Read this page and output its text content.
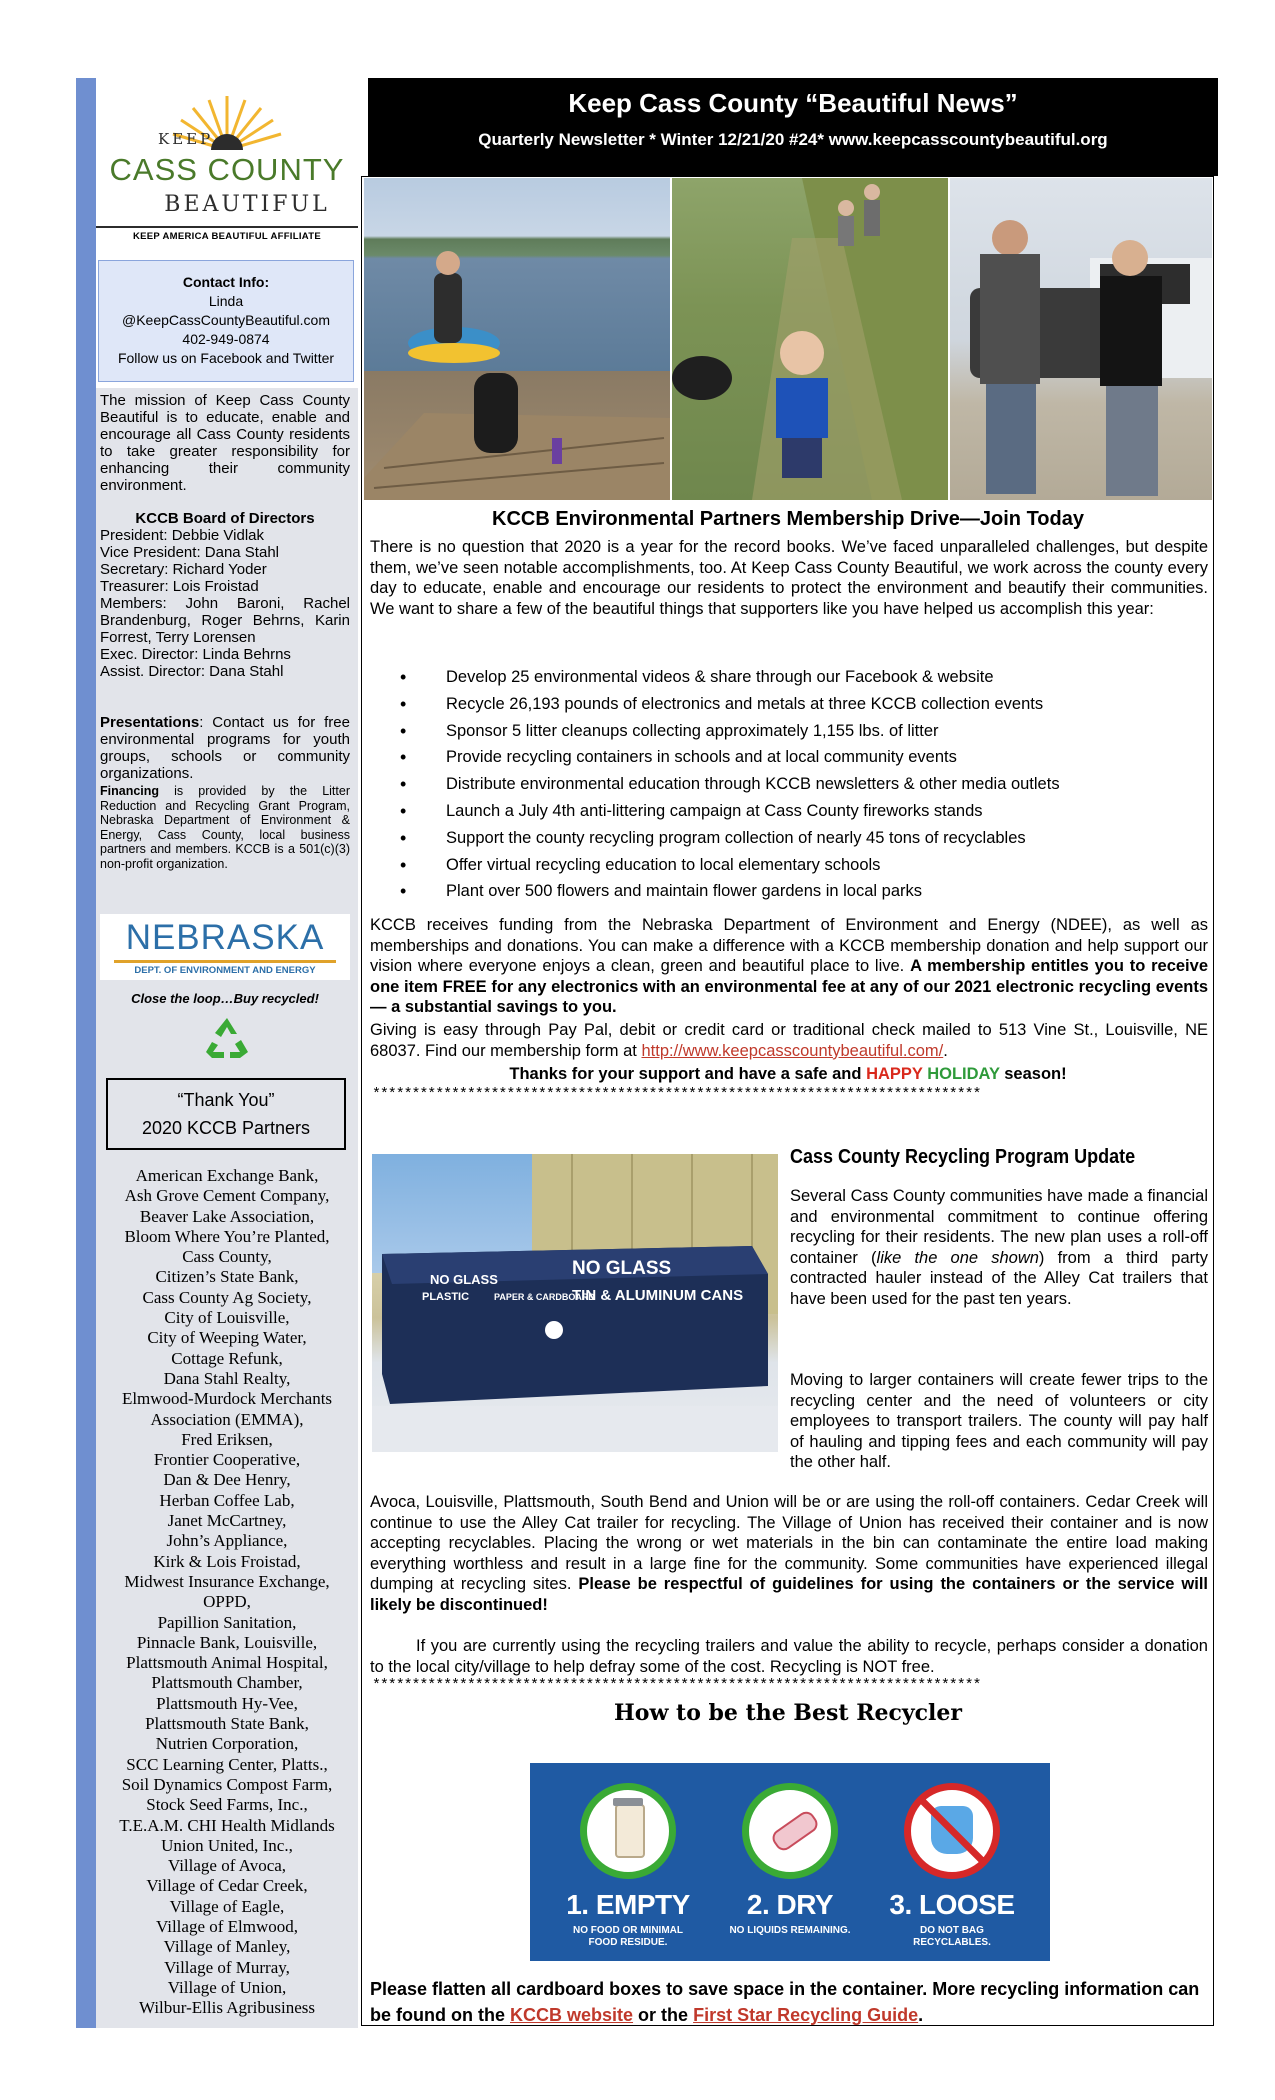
KEEP
CASS COUNTY
BEAUTIFUL
KEEP AMERICA BEAUTIFUL AFFILIATE
Contact Info:
Linda
@KeepCassCountyBeautiful.com
402-949-0874
Follow us on Facebook and Twitter
The mission of Keep Cass County Beautiful is to educate, enable and encourage all Cass County residents to take greater responsibility for enhancing their community environment.
KCCB Board of Directors
President: Debbie Vidlak
Vice President: Dana Stahl
Secretary: Richard Yoder
Treasurer: Lois Froistad
Members: John Baroni, Rachel Brandenburg, Roger Behrns, Karin Forrest, Terry Lorensen
Exec. Director: Linda Behrns
Assist. Director: Dana Stahl
Presentations: Contact us for free environmental programs for youth groups, schools or community organizations.
Financing is provided by the Litter Reduction and Recycling Grant Program, Nebraska Department of Environment & Energy, Cass County, local business partners and members. KCCB is a 501(c)(3) non-profit organization.
NEBRASKA
DEPT. OF ENVIRONMENT AND ENERGY
Close the loop…Buy recycled!
“Thank You”
2020 KCCB Partners
American Exchange Bank,
Ash Grove Cement Company,
Beaver Lake Association,
Bloom Where You’re Planted,
Cass County,
Citizen’s State Bank,
Cass County Ag Society,
City of Louisville,
City of Weeping Water,
Cottage Refunk,
Dana Stahl Realty,
Elmwood-Murdock Merchants
Association (EMMA),
Fred Eriksen,
Frontier Cooperative,
Dan & Dee Henry,
Herban Coffee Lab,
Janet McCartney,
John’s Appliance,
Kirk & Lois Froistad,
Midwest Insurance Exchange,
OPPD,
Papillion Sanitation,
Pinnacle Bank, Louisville,
Plattsmouth Animal Hospital,
Plattsmouth Chamber,
Plattsmouth Hy-Vee,
Plattsmouth State Bank,
Nutrien Corporation,
SCC Learning Center, Platts.,
Soil Dynamics Compost Farm,
Stock Seed Farms, Inc.,
T.E.A.M. CHI Health Midlands
Union United, Inc.,
Village of Avoca,
Village of Cedar Creek,
Village of Eagle,
Village of Elmwood,
Village of Manley,
Village of Murray,
Village of Union,
Wilbur-Ellis Agribusiness
Keep Cass County “Beautiful News”
Quarterly Newsletter * Winter 12/21/20 #24* www.keepcasscountybeautiful.org
KCCB Environmental Partners Membership Drive—Join Today
There is no question that 2020 is a year for the record books. We’ve faced unparalleled challenges, but despite them, we’ve seen notable accomplishments, too. At Keep Cass County Beautiful, we work across the county every day to educate, enable and encourage our residents to protect the environment and beautify their communities. We want to share a few of the beautiful things that supporters like you have helped us accomplish this year:
• Develop 25 environmental videos & share through our Facebook & website
• Recycle 26,193 pounds of electronics and metals at three KCCB collection events
• Sponsor 5 litter cleanups collecting approximately 1,155 lbs. of litter
• Provide recycling containers in schools and at local community events
• Distribute environmental education through KCCB newsletters & other media outlets
• Launch a July 4th anti-littering campaign at Cass County fireworks stands
• Support the county recycling program collection of nearly 45 tons of recyclables
• Offer virtual recycling education to local elementary schools
• Plant over 500 flowers and maintain flower gardens in local parks
KCCB receives funding from the Nebraska Department of Environment and Energy (NDEE), as well as memberships and donations. You can make a difference with a KCCB membership donation and help support our vision where everyone enjoys a clean, green and beautiful place to live. A membership entitles you to receive one item FREE for any electronics with an environmental fee at any of our 2021 electronic recycling events — a substantial savings to you.
Giving is easy through Pay Pal, debit or credit card or traditional check mailed to 513 Vine St., Louisville, NE 68037. Find our membership form at http://www.keepcasscountybeautiful.com/.
Thanks for your support and have a safe and HAPPY HOLIDAY season!
*****************************************************************************
NO GLASS
PLASTIC	PAPER & CARDBOARD
NO GLASS
TIN & ALUMINUM CANS
Cass County Recycling Program Update
Several Cass County communities have made a financial and environmental commitment to continue offering recycling for their residents. The new plan uses a roll-off container (like the one shown) from a third party contracted hauler instead of the Alley Cat trailers that have been used for the past ten years.
Moving to larger containers will create fewer trips to the recycling center and the need of volunteers or city employees to transport trailers. The county will pay half of hauling and tipping fees and each community will pay the other half.
Avoca, Louisville, Plattsmouth, South Bend and Union will be or are using the roll-off containers. Cedar Creek will continue to use the Alley Cat trailer for recycling. The Village of Union has received their container and is now accepting recyclables. Placing the wrong or wet materials in the bin can contaminate the entire load making everything worthless and result in a large fine for the community. Some communities have experienced illegal dumping at recycling sites. Please be respectful of guidelines for using the containers or the service will likely be discontinued!
If you are currently using the recycling trailers and value the ability to recycle, perhaps consider a donation to the local city/village to help defray some of the cost. Recycling is NOT free.
*****************************************************************************
How to be the Best Recycler
1. EMPTY
NO FOOD OR MINIMAL FOOD RESIDUE.
2. DRY
NO LIQUIDS REMAINING.
3. LOOSE
DO NOT BAG RECYCLABLES.
Please flatten all cardboard boxes to save space in the container. More recycling information can be found on the KCCB website or the First Star Recycling Guide.
